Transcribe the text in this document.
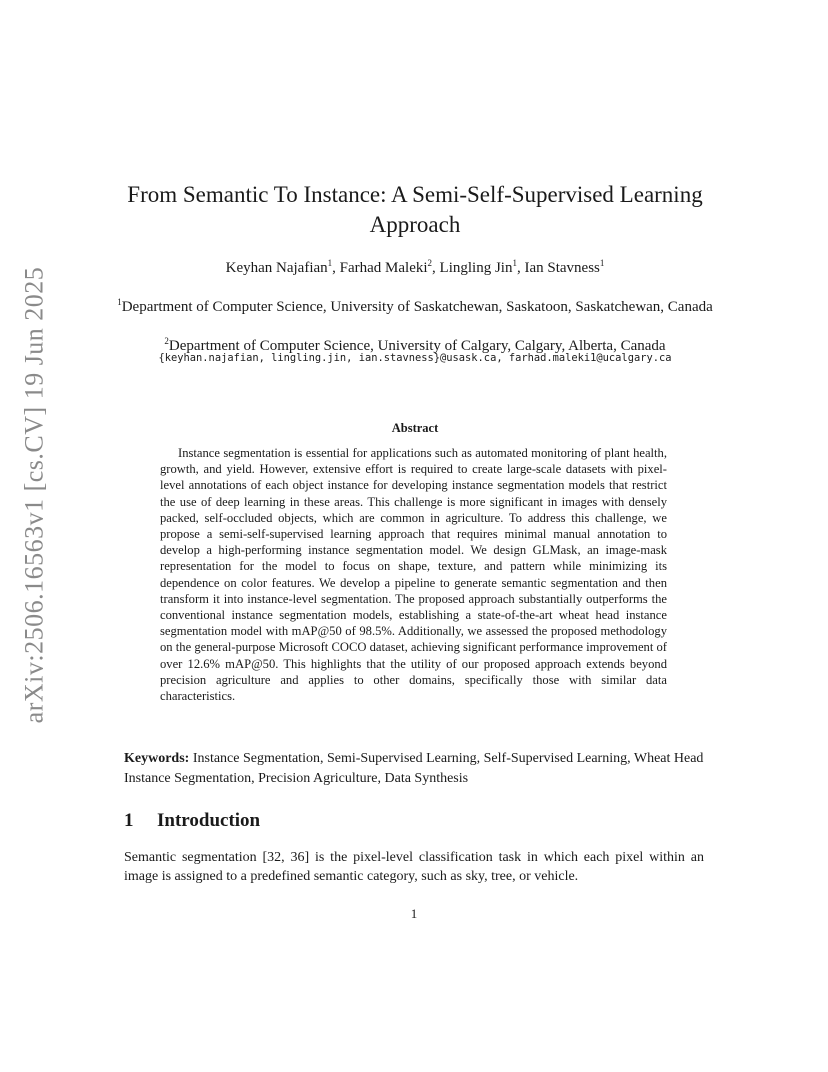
arXiv:2506.16563v1 [cs.CV] 19 Jun 2025
From Semantic To Instance: A Semi-Self-Supervised Learning Approach
Keyhan Najafian$^1$, Farhad Maleki$^2$, Lingling Jin$^1$, Ian Stavness$^1$
$^1$Department of Computer Science, University of Saskatchewan, Saskatoon, Saskatchewan, Canada
$^2$Department of Computer Science, University of Calgary, Calgary, Alberta, Canada
{keyhan.najafian, lingling.jin, ian.stavness}@usask.ca, farhad.maleki1@ucalgary.ca
Abstract
Instance segmentation is essential for applications such as automated monitoring of plant health, growth, and yield. However, extensive effort is required to create large-scale datasets with pixel-level annotations of each object instance for developing instance segmentation models that restrict the use of deep learning in these areas. This challenge is more significant in images with densely packed, self-occluded objects, which are common in agriculture. To address this challenge, we propose a semi-self-supervised learning approach that requires minimal manual annotation to develop a high-performing instance segmentation model. We design GLMask, an image-mask representation for the model to focus on shape, texture, and pattern while minimizing its dependence on color features. We develop a pipeline to generate semantic segmentation and then transform it into instance-level segmentation. The proposed approach substantially outperforms the conventional instance segmentation models, establishing a state-of-the-art wheat head instance segmentation model with mAP@50 of 98.5%. Additionally, we assessed the proposed methodology on the general-purpose Microsoft COCO dataset, achieving significant performance improvement of over 12.6% mAP@50. This highlights that the utility of our proposed approach extends beyond precision agriculture and applies to other domains, specifically those with similar data characteristics.
Keywords: Instance Segmentation, Semi-Supervised Learning, Self-Supervised Learning, Wheat Head Instance Segmentation, Precision Agriculture, Data Synthesis
1 Introduction
Semantic segmentation [32, 36] is the pixel-level classification task in which each pixel within an image is assigned to a predefined semantic category, such as sky, tree, or vehicle.
1
